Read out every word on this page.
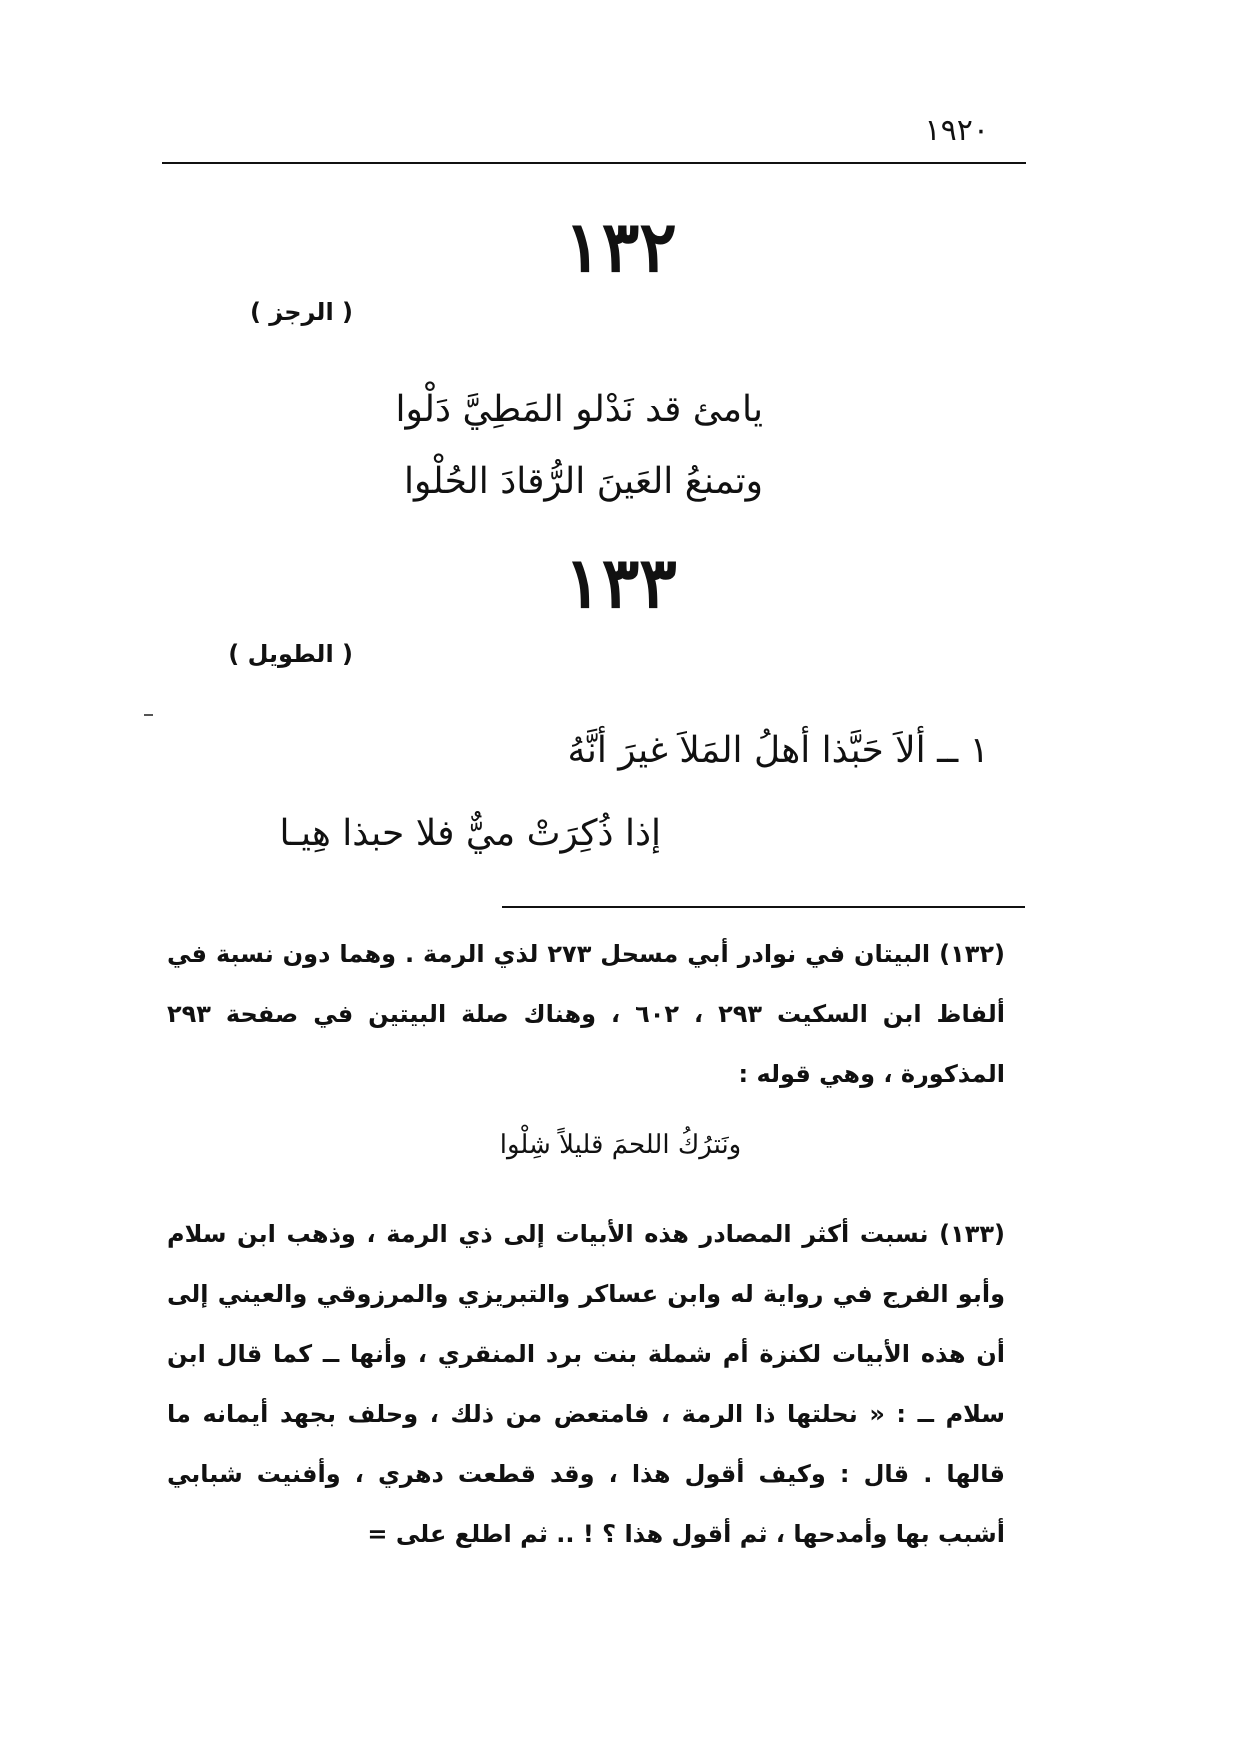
١٩٢٠
١٣٢
( الرجز )
يامئ قد نَدْلو المَطِيَّ دَلْوا
وتمنعُ العَينَ الرُّقادَ الحُلْوا
١٣٣
( الطويل )
١ ــ ألاَ حَبَّذا أهلُ المَلاَ غيرَ أنَّهُ
إذا ذُكِرَتْ ميٌّ فلا حبذا هِيـا
(١٣٢) البيتان في نوادر أبي مسحل ٢٧٣ لذي الرمة . وهما دون نسبة في ألفاظ ابن السكيت ٢٩٣ ، ٦٠٢ ، وهناك صلة البيتين في صفحة ٢٩٣ المذكورة ، وهي قوله :
ونَترُكُ اللحمَ قليلاً شِلْوا
(١٣٣) نسبت أكثر المصادر هذه الأبيات إلى ذي الرمة ، وذهب ابن سلام وأبو الفرج في رواية له وابن عساكر والتبريزي والمرزوقي والعيني إلى أن هذه الأبيات لكنزة أم شملة بنت برد المنقري ، وأنها ــ كما قال ابن سلام ــ : « نحلتها ذا الرمة ، فامتعض من ذلك ، وحلف بجهد أيمانه ما قالها . قال : وكيف أقول هذا ، وقد قطعت دهري ، وأفنيت شبابي أشبب بها وأمدحها ، ثم أقول هذا ؟ ! .. ثم اطلع على =
